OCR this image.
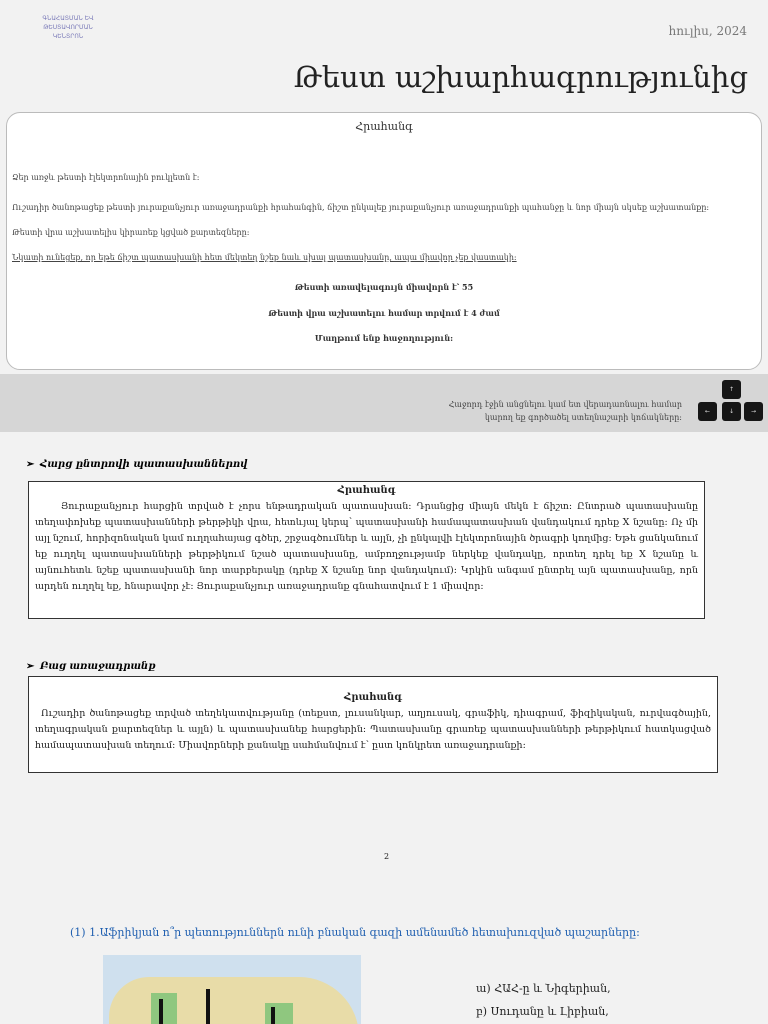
ԳՆԱՀԱՏՄԱՆ ԵՎ ԹԵՍՏԱՎՈՐՄԱՆ
ԿԵՆՏՐՈՆ	հուլիս, 2024
Թեստ աշխարհագրությունից
Հրահանգ
Ձեր առջև թեստի էլեկտրոնային բուկլետն է:
Ուշադիր ծանոթացեք թեստի յուրաքանչյուր առաջադրանքի հրահանգին, ճիշտ ընկալեք յուրաքանչյուր առաջադրանքի պահանջը և նոր միայն սկսեք աշխատանքը:
Թեստի վրա աշխատելիս կիրառեք կցված քարտեզները:
Նկատի ունեցեք, որ եթե ճիշտ պատասխանի հետ մեկտեղ նշեք նաև սխալ պատասխանը, ապա միավոր չեք վաստակի:
Թեստի առավելագույն միավորն է՝ 55
Թեստի վրա աշխատելու համար տրվում է 4 ժամ
Մաղթում ենք հաջողություն:
Հաջորդ էջին անցնելու կամ ետ վերադառնալու համար
կարող եք գործածել ստեղնաշարի կոճակները:
↑
←	↓	→
➢ Հարց ընտրովի պատասխաններով
Հրահանգ
Յուրաքանչյուր հարցին տրված է չորս ենթադրական պատասխան: Դրանցից միայն մեկն է ճիշտ: Ընտրած պատասխանը տեղափոխեք պատասխանների թերթիկի վրա, հետևյալ կերպ՝ պատասխանի համապատասխան վանդակում դրեք X նշանը: Ոչ մի այլ նշում, հորիզոնական կամ ուղղահայաց գծեր, շրջագծումներ և այլն, չի ընկալվի էլեկտրոնային ծրագրի կողմից: Եթե ցանկանում եք ուղղել պատասխանների թերթիկում նշած պատասխանը, ամբողջությամբ ներկեք վանդակը, որտեղ դրել եք X նշանը և այնուհետև նշեք պատասխանի նոր տարբերակը (դրեք X նշանը նոր վանդակում): Կրկին անգամ ընտրել այն պատասխանը, որն արդեն ուղղել եք, հնարավոր չէ: Յուրաքանչյուր առաջադրանք գնահատվում է 1 միավոր:
➢ Բաց առաջադրանք
Հրահանգ
Ուշադիր ծանոթացեք տրված տեղեկատվությանը (տեքստ, լուսանկար, աղյուսակ, գրաֆիկ, դիագրամ, ֆիզիկական, ուրվագծային, տեղագրական քարտեզներ և այլն) և պատասխանեք հարցերին: Պատասխանը գրառեք պատասխանների թերթիկում հատկացված համապատասխան տեղում: Միավորների քանակը սահմանվում է՝ ըստ կոնկրետ առաջադրանքի:
2
(1) 1.Աֆրիկյան ո՞ր պետություններն ունի բնական գազի ամենամեծ հետախուզված պաշարները:
ա) ՀԱՀ-ը և Նիգերիան,
բ) Սուդանը և Լիբիան,
